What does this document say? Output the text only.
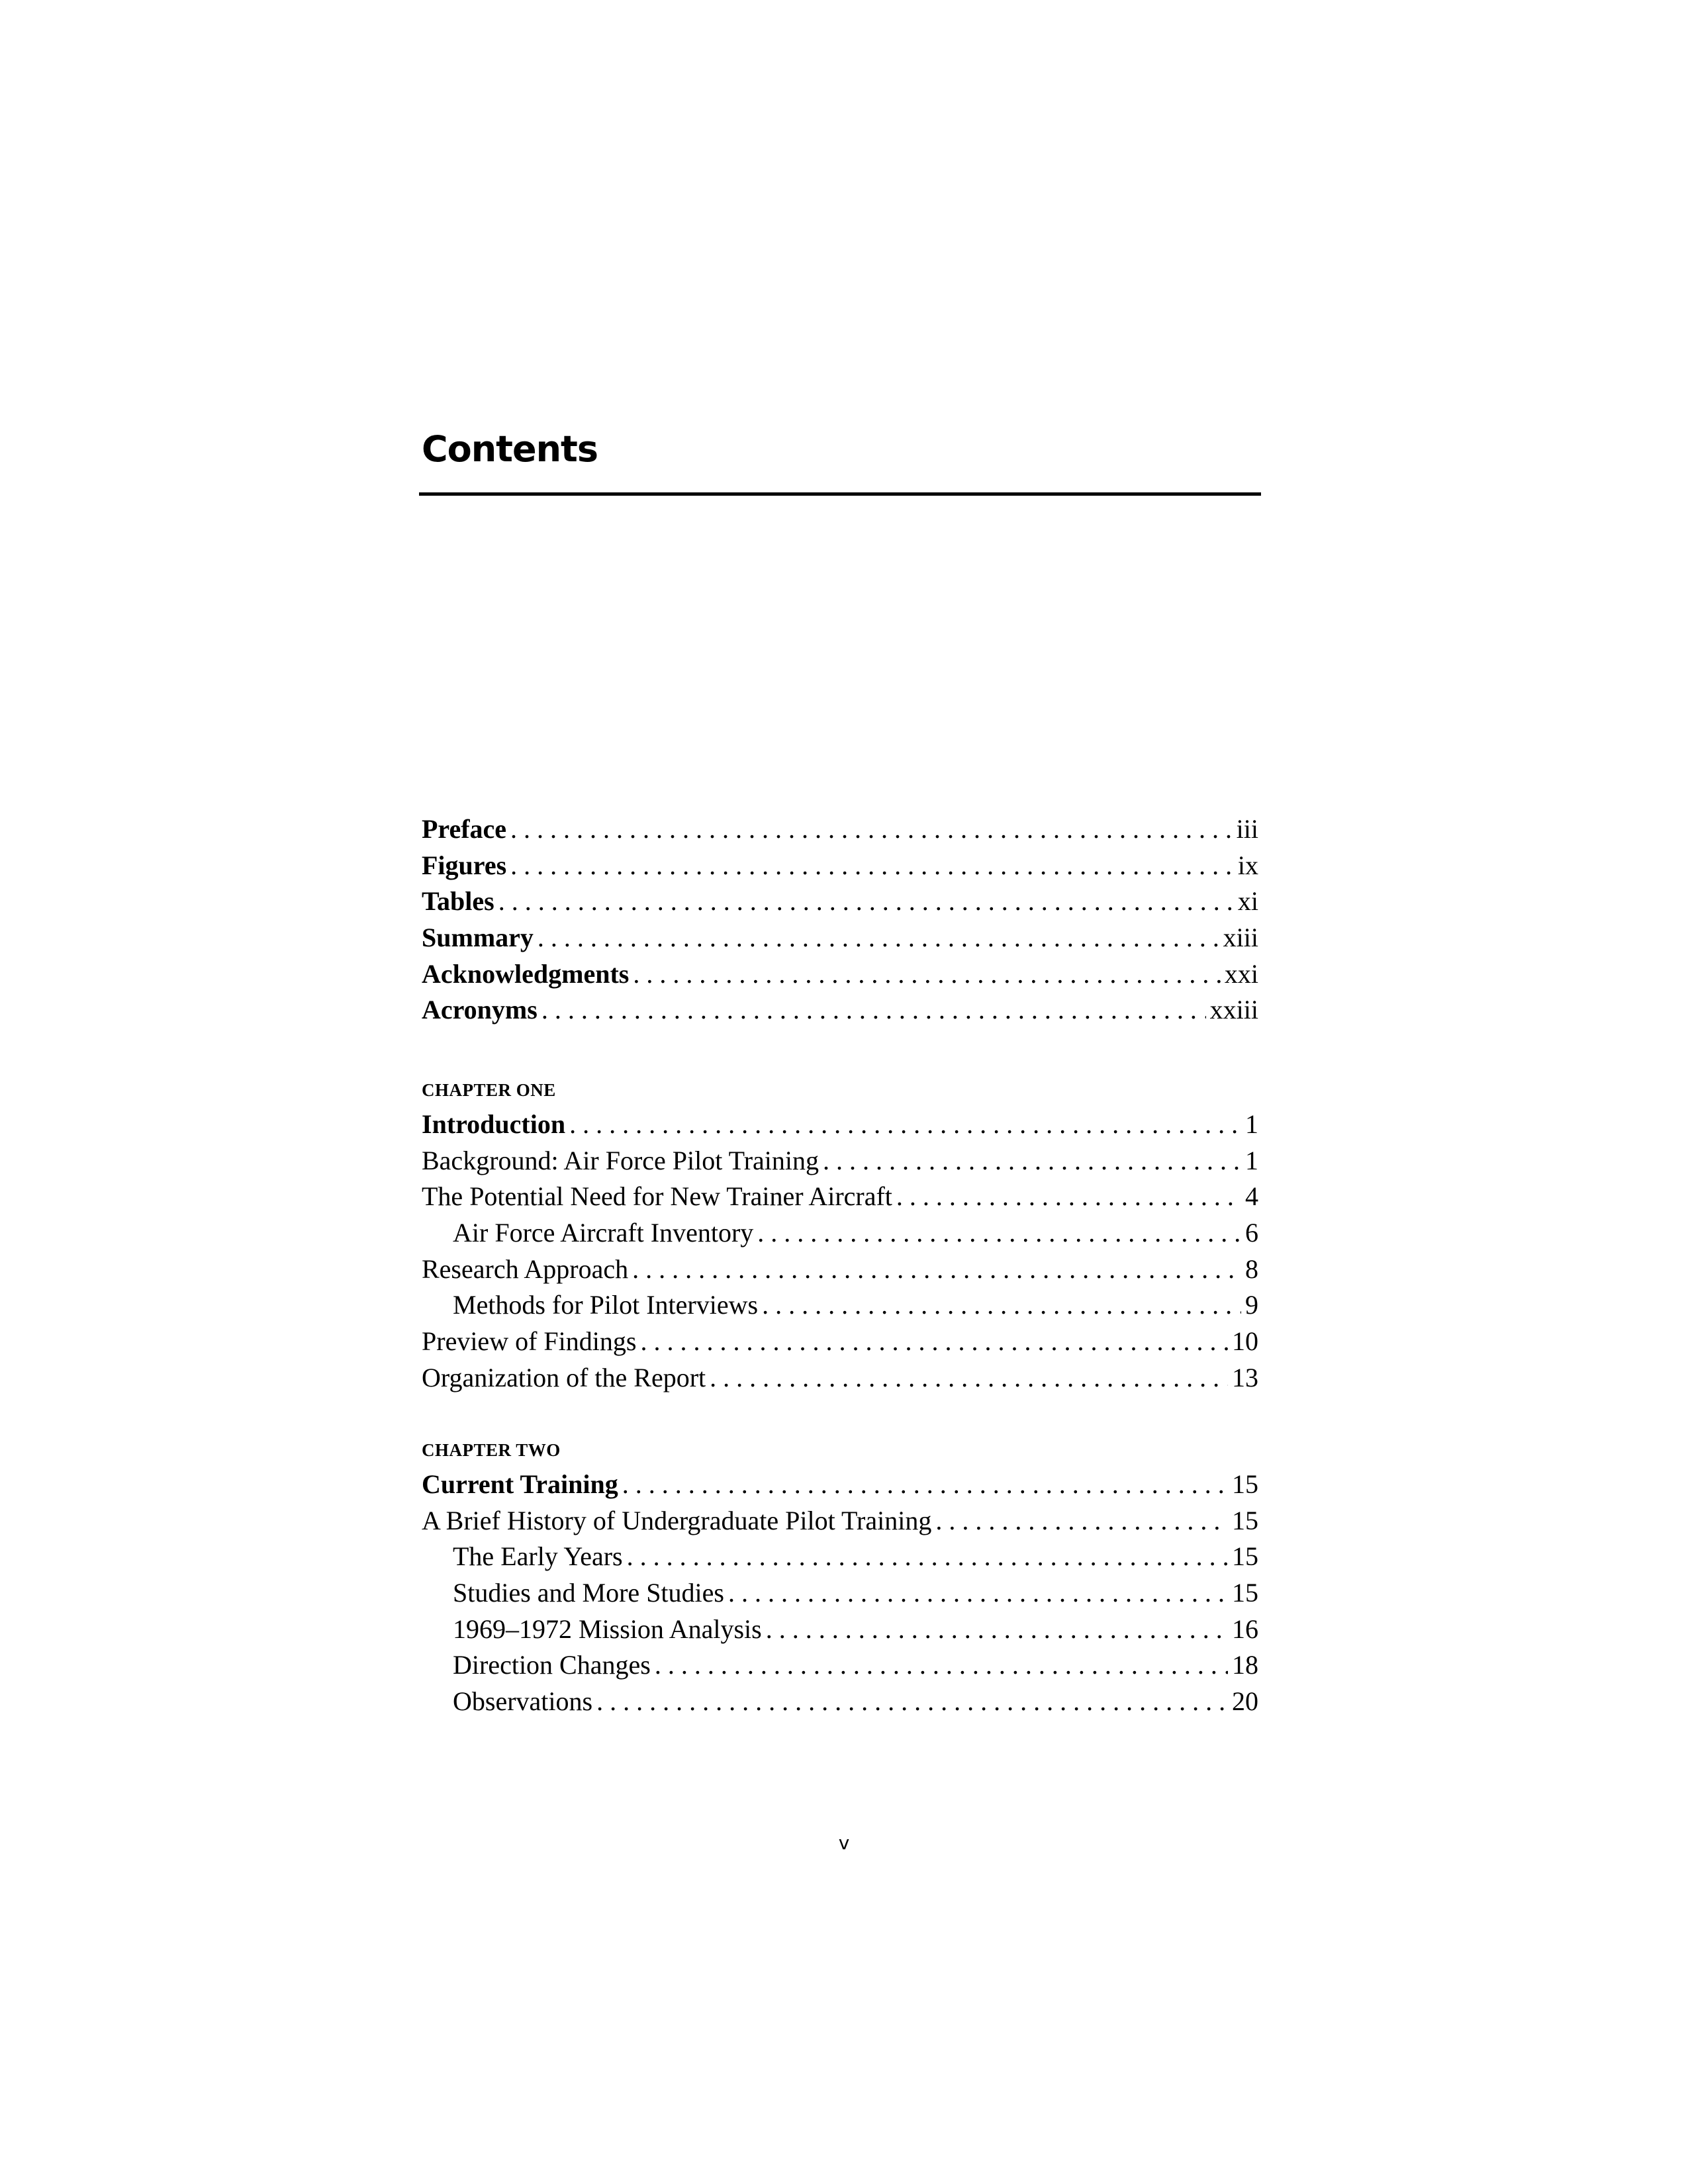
Contents
Preface . . .	iii
Figures . . .	ix
Tables . . .	xi
Summary . . .	xiii
Acknowledgments . . .	xxi
Acronyms . . .	xxiii
CHAPTER ONE
Introduction . . .	1
Background: Air Force Pilot Training . . .	1
The Potential Need for New Trainer Aircraft . . .	4
Air Force Aircraft Inventory . . .	6
Research Approach . . .	8
Methods for Pilot Interviews . . .	9
Preview of Findings . . .	10
Organization of the Report . . .	13
CHAPTER TWO
Current Training . . .	15
A Brief History of Undergraduate Pilot Training . . .	15
The Early Years . . .	15
Studies and More Studies . . .	15
1969–1972 Mission Analysis . . .	16
Direction Changes . . .	18
Observations . . .	20
v
